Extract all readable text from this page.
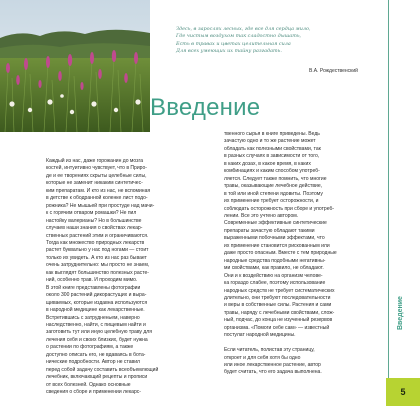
Здесь, в зарослях лесных, где все для сердца мило,
Где чистым воздухом так сладостно дышать,
Есть в травах и цветах целительная сила
Для всех умеющих их тайну разгадать.
В.А. Рождественский
Введение
Каждый из нас, даже горожанин до мозга
костей, интуитивно чувствует, что в Приро-
де и ее творениях скрыты целебные силы,
которые не заменит никаким синтетичес-
ким препаратам. И кто из нас, не вспоминая
в детстве к ободранной коленке лист подо-
рожника? Не мышьей при простуде над мачи-
к с горячим отваром ромашки? Не пил
настойку валерианы? Но в большинстве
случаев наши знания о свойствах лекар-
ственных растений этим и ограничиваются.
Тогда как множество природных лекарств
растет буквально у нас под ногами — стоит
только их увидеть. А кто из нас раз бывает
очень затруднительно: мы просто не знаем,
как выглядят большинство полезных расте-
ний, особенно трав. И проходим мимо.
В этой книге представлены фотографии
около 300 растений дикорастущих и выра-
щиваемых, которые издавна используются
в народной медицине как лекарственные.
Встретившись с затрудненьем, наверно
наследственно, найти, с пищевым найти и
заготовить тут или иную целебную траву для
лечения себя и своих близких, будет нужна
о растении по фотографиям, а также
доступно описать его, не вдаваясь в бота-
нические подробности. Автор не ставил
перед собой задачу составить всеобъемлющий
лечебник, включающий рецепты и прописи
от всех болезней. Однако основные
сведения о сборе и применении лекарс-
твенного сырья в книге приведены. Ведь
зачастую одно и то же растение может
обладать как полезными свойствами, так
в разных случаях в зависимости от того,
в каких дозах, в какое время, в каких
комбинациях и каким способом употреб-
ляется. Следует также помнить, что многие
травы, оказывающие лечебное действие,
в той или иной степени ядовиты. Поэтому
их применение требует осторожности, и
соблюдать осторожность при сборе и употреб-
лении. Все это учтено автором.
Современные эффективные синтетические
препараты зачастую обладают такими
выраженными побочными эффектами, что
их применение становится рискованным или
даже просто опасным. Вместе с тем природные
народные средства подобными негативны-
ми свойствами, как правило, не обладают.
Они и к воздействию на организм челове-
ка гораздо слабее, поэтому использование
народных средств не требует систематических
длительно, они требуют последовательности
и веры в собственные силы. Растения и сами
травы, наряду с лечебными свойствами, слож-
ный, подчас, до конца не изученный резервов
организма. «Помоги себе сам» — известный
постулат народной медицины.
Если читатель, полистав эту страницу,
откроет и для себя хотя бы одно
или иное лекарственное растение, автор
будет считать, что его задача выполнена.
Введение
5
